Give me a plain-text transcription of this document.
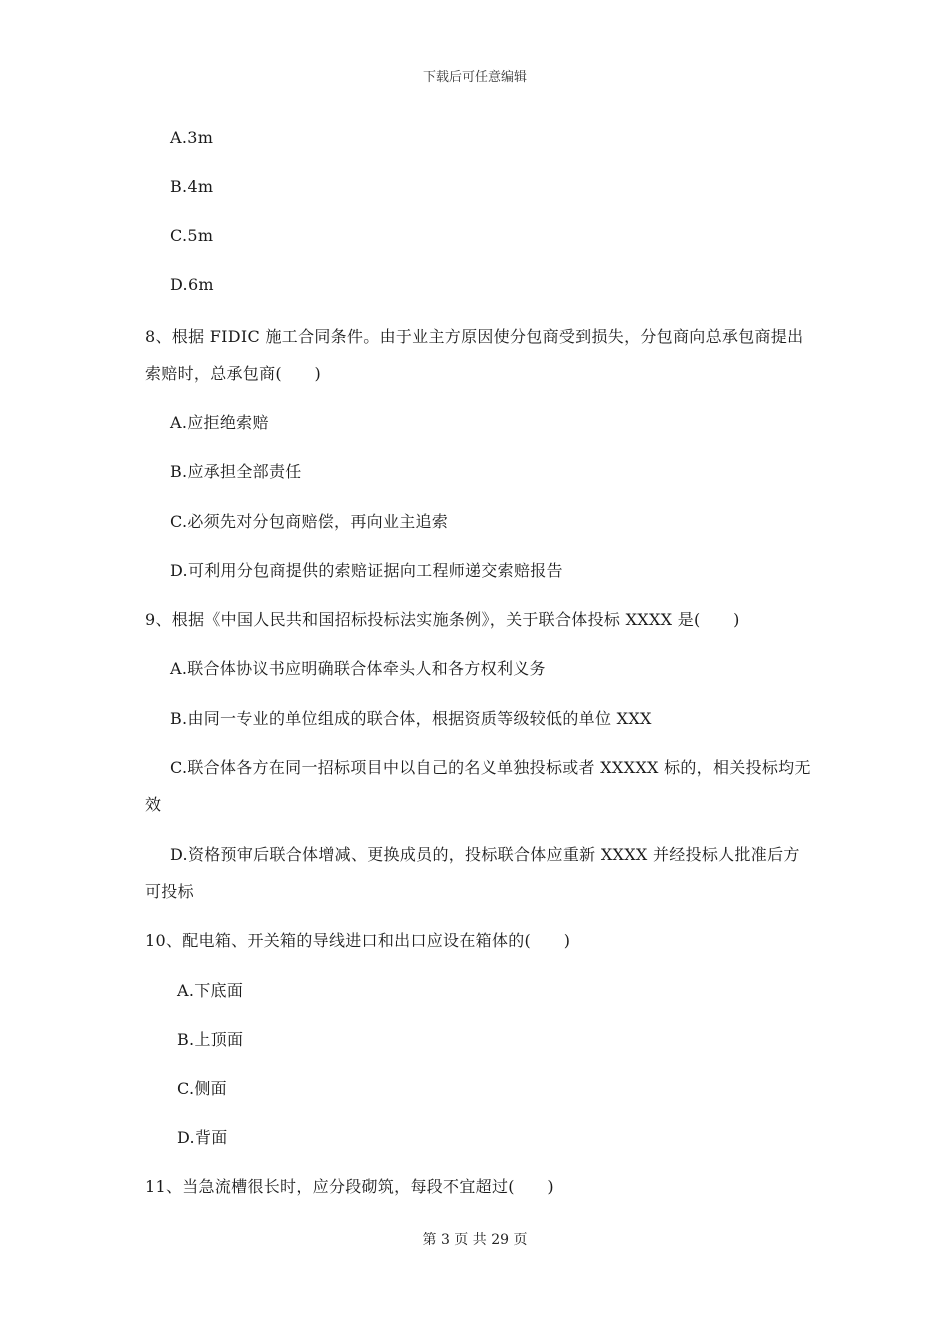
下载后可任意编辑
A.3m
B.4m
C.5m
D.6m
8、根据 FIDIC 施工合同条件。由于业主方原因使分包商受到损失，分包商向总承包商提出
索赔时，总承包商(　　)
A.应拒绝索赔
B.应承担全部责任
C.必须先对分包商赔偿，再向业主追索
D.可利用分包商提供的索赔证据向工程师递交索赔报告
9、根据《中国人民共和国招标投标法实施条例》，关于联合体投标 XXXX 是(　　)
A.联合体协议书应明确联合体牵头人和各方权利义务
B.由同一专业的单位组成的联合体，根据资质等级较低的单位 XXX
C.联合体各方在同一招标项目中以自己的名义单独投标或者 XXXXX 标的，相关投标均无
效
D.资格预审后联合体增减、更换成员的，投标联合体应重新 XXXX 并经投标人批准后方
可投标
10、配电箱、开关箱的导线进口和出口应设在箱体的(　　)
A.下底面
B.上顶面
C.侧面
D.背面
11、当急流槽很长时，应分段砌筑，每段不宜超过(　　)
第 3 页 共 29 页
